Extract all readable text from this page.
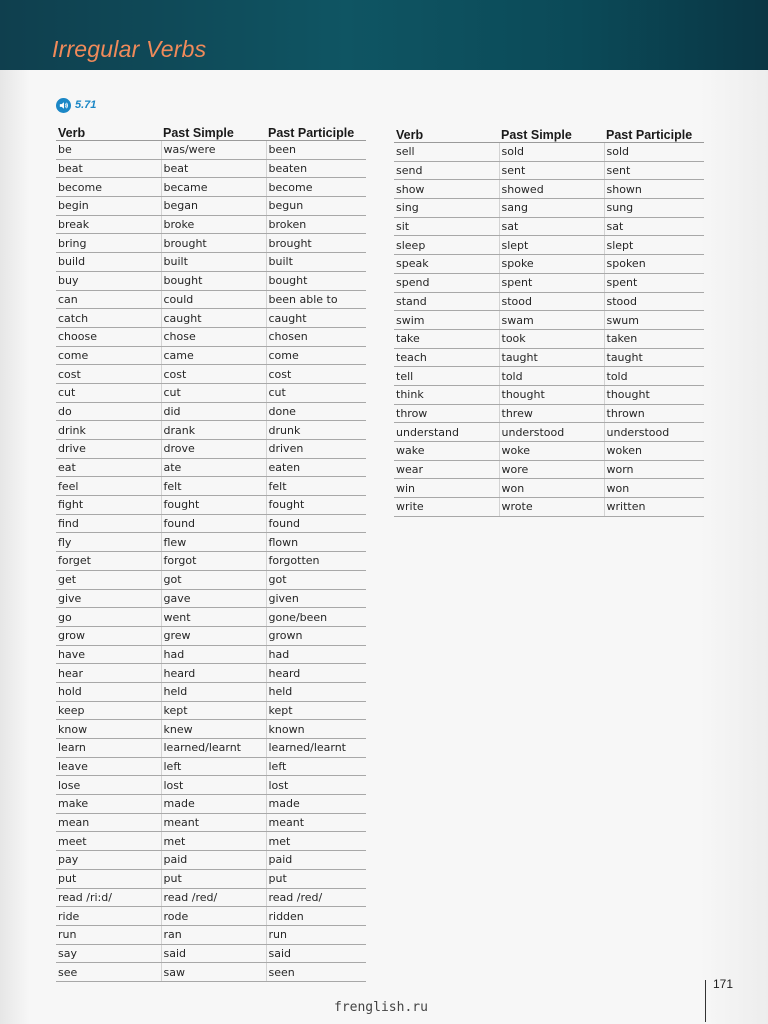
Irregular Verbs
5.71
Verb	Past Simple	Past Participle
be	was/were	been
beat	beat	beaten
become	became	become
begin	began	begun
break	broke	broken
bring	brought	brought
build	built	built
buy	bought	bought
can	could	been able to
catch	caught	caught
choose	chose	chosen
come	came	come
cost	cost	cost
cut	cut	cut
do	did	done
drink	drank	drunk
drive	drove	driven
eat	ate	eaten
feel	felt	felt
fight	fought	fought
find	found	found
fly	flew	flown
forget	forgot	forgotten
get	got	got
give	gave	given
go	went	gone/been
grow	grew	grown
have	had	had
hear	heard	heard
hold	held	held
keep	kept	kept
know	knew	known
learn	learned/learnt	learned/learnt
leave	left	left
lose	lost	lost
make	made	made
mean	meant	meant
meet	met	met
pay	paid	paid
put	put	put
read /ri:d/	read /red/	read /red/
ride	rode	ridden
run	ran	run
say	said	said
see	saw	seen
Verb	Past Simple	Past Participle
sell	sold	sold
send	sent	sent
show	showed	shown
sing	sang	sung
sit	sat	sat
sleep	slept	slept
speak	spoke	spoken
spend	spent	spent
stand	stood	stood
swim	swam	swum
take	took	taken
teach	taught	taught
tell	told	told
think	thought	thought
throw	threw	thrown
understand	understood	understood
wake	woke	woken
wear	wore	worn
win	won	won
write	wrote	written
171
frenglish.ru
